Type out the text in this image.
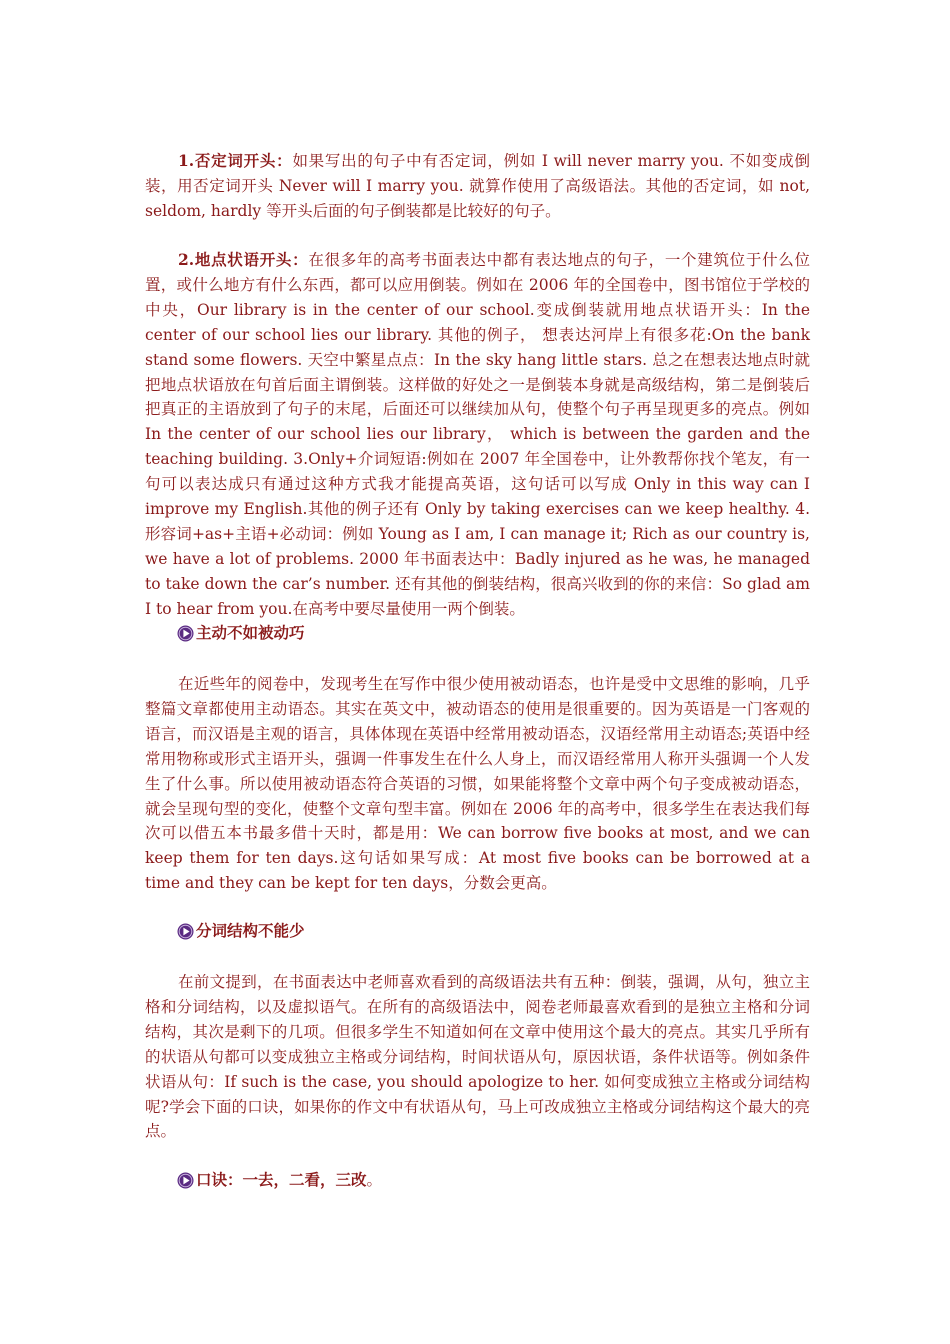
1.否定词开头：如果写出的句子中有否定词，例如 I will never marry you. 不如变成倒装，用否定词开头 Never will I marry you. 就算作使用了高级语法。其他的否定词，如 not, seldom, hardly 等开头后面的句子倒装都是比较好的句子。

2.地点状语开头：在很多年的高考书面表达中都有表达地点的句子，一个建筑位于什么位置，或什么地方有什么东西，都可以应用倒装。例如在 2006 年的全国卷中，图书馆位于学校的中央，Our library is in the center of our school.变成倒装就用地点状语开头：In the center of our school lies our library. 其他的例子， 想表达河岸上有很多花:On the bank stand some flowers. 天空中繁星点点：In the sky hang little stars. 总之在想表达地点时就把地点状语放在句首后面主谓倒装。这样做的好处之一是倒装本身就是高级结构，第二是倒装后把真正的主语放到了句子的末尾，后面还可以继续加从句，使整个句子再呈现更多的亮点。例如 In the center of our school lies our library， which is between the garden and the teaching building. 3.Only+介词短语:例如在 2007 年全国卷中，让外教帮你找个笔友，有一句可以表达成只有通过这种方式我才能提高英语，这句话可以写成 Only in this way can I improve my English.其他的例子还有 Only by taking exercises can we keep healthy. 4. 形容词+as+主语+必动词：例如 Young as I am, I can manage it; Rich as our country is, we have a lot of problems. 2000 年书面表达中：Badly injured as he was, he managed to take down the car’s number. 还有其他的倒装结构，很高兴收到的你的来信：So glad am I to hear from you.在高考中要尽量使用一两个倒装。

主动不如被动巧

在近些年的阅卷中，发现考生在写作中很少使用被动语态，也许是受中文思维的影响，几乎整篇文章都使用主动语态。其实在英文中，被动语态的使用是很重要的。因为英语是一门客观的语言，而汉语是主观的语言，具体体现在英语中经常用被动语态，汉语经常用主动语态;英语中经常用物称或形式主语开头，强调一件事发生在什么人身上，而汉语经常用人称开头强调一个人发生了什么事。所以使用被动语态符合英语的习惯，如果能将整个文章中两个句子变成被动语态，就会呈现句型的变化，使整个文章句型丰富。例如在 2006 年的高考中，很多学生在表达我们每次可以借五本书最多借十天时，都是用：We can borrow five books at most, and we can keep them for ten days.这句话如果写成：At most five books can be borrowed at a time and they can be kept for ten days，分数会更高。

分词结构不能少

在前文提到，在书面表达中老师喜欢看到的高级语法共有五种：倒装，强调，从句，独立主格和分词结构，以及虚拟语气。在所有的高级语法中，阅卷老师最喜欢看到的是独立主格和分词结构，其次是剩下的几项。但很多学生不知道如何在文章中使用这个最大的亮点。其实几乎所有的状语从句都可以变成独立主格或分词结构，时间状语从句，原因状语，条件状语等。例如条件状语从句：If such is the case, you should apologize to her. 如何变成独立主格或分词结构呢?学会下面的口诀，如果你的作文中有状语从句，马上可改成独立主格或分词结构这个最大的亮点。

口诀：一去，二看，三改 。
